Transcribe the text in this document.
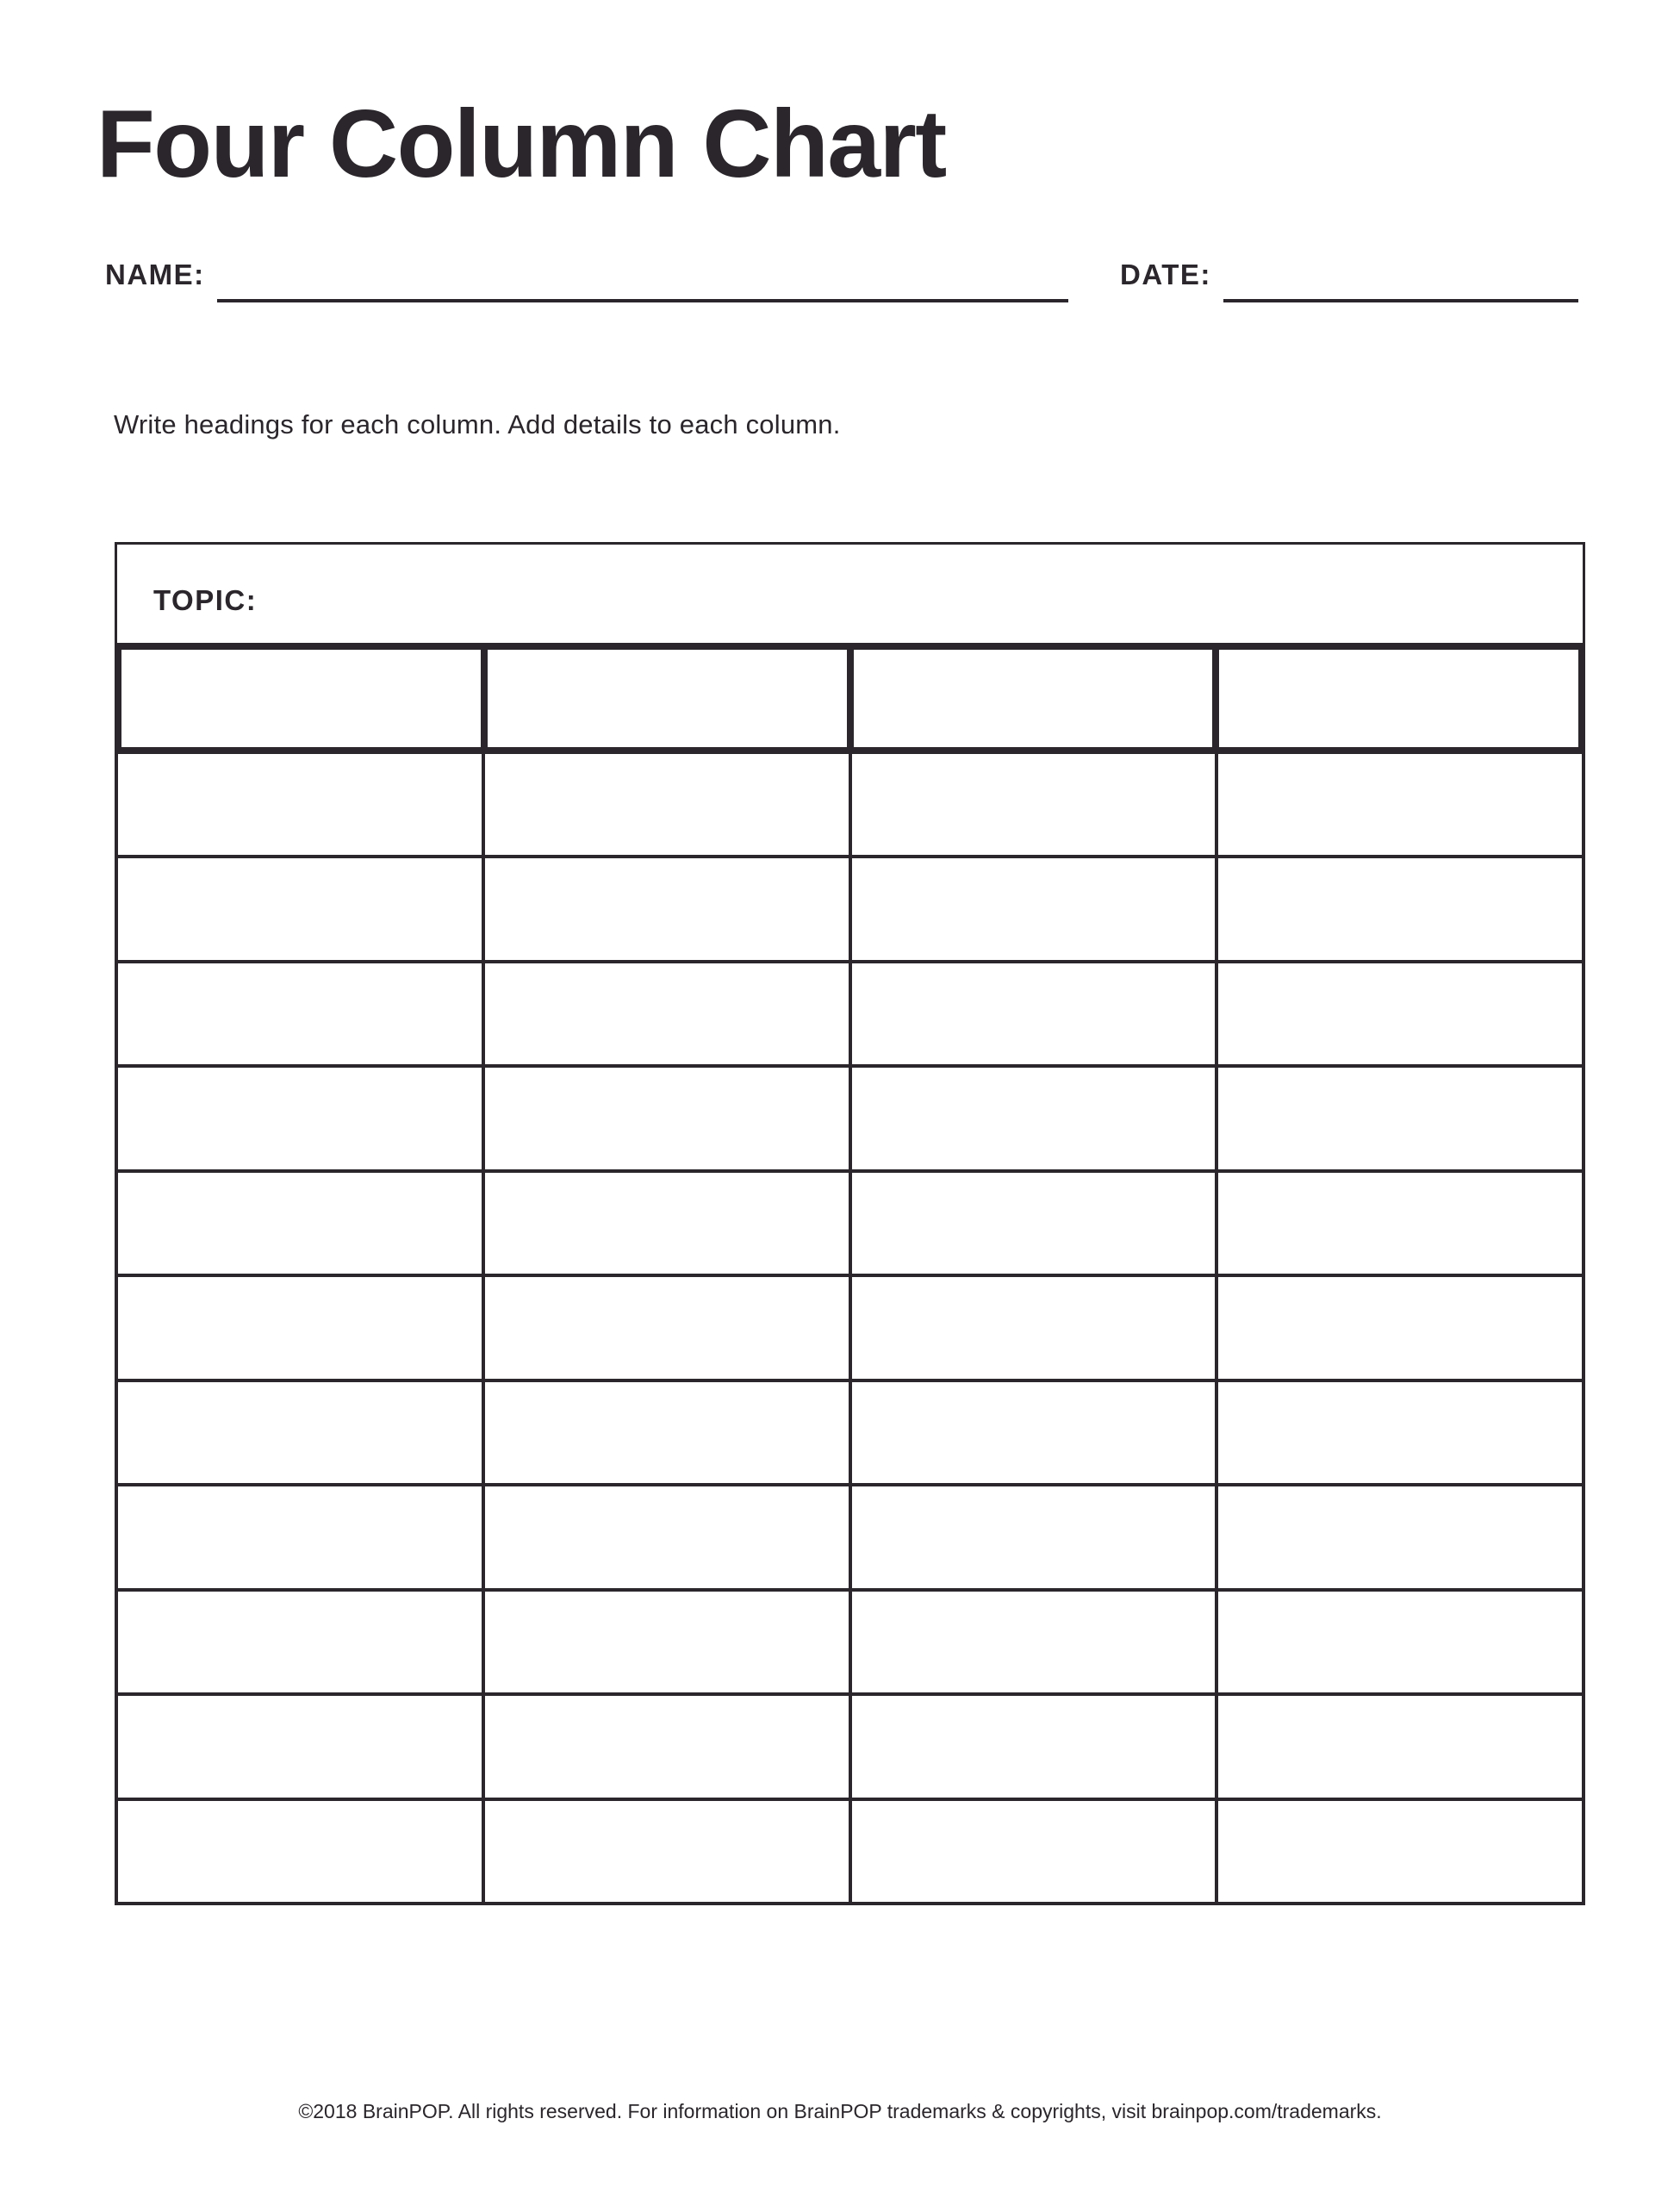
Four Column Chart
NAME:	DATE:

Write headings for each column. Add details to each column.

TOPIC:

©2018 BrainPOP. All rights reserved. For information on BrainPOP trademarks & copyrights, visit brainpop.com/trademarks.
